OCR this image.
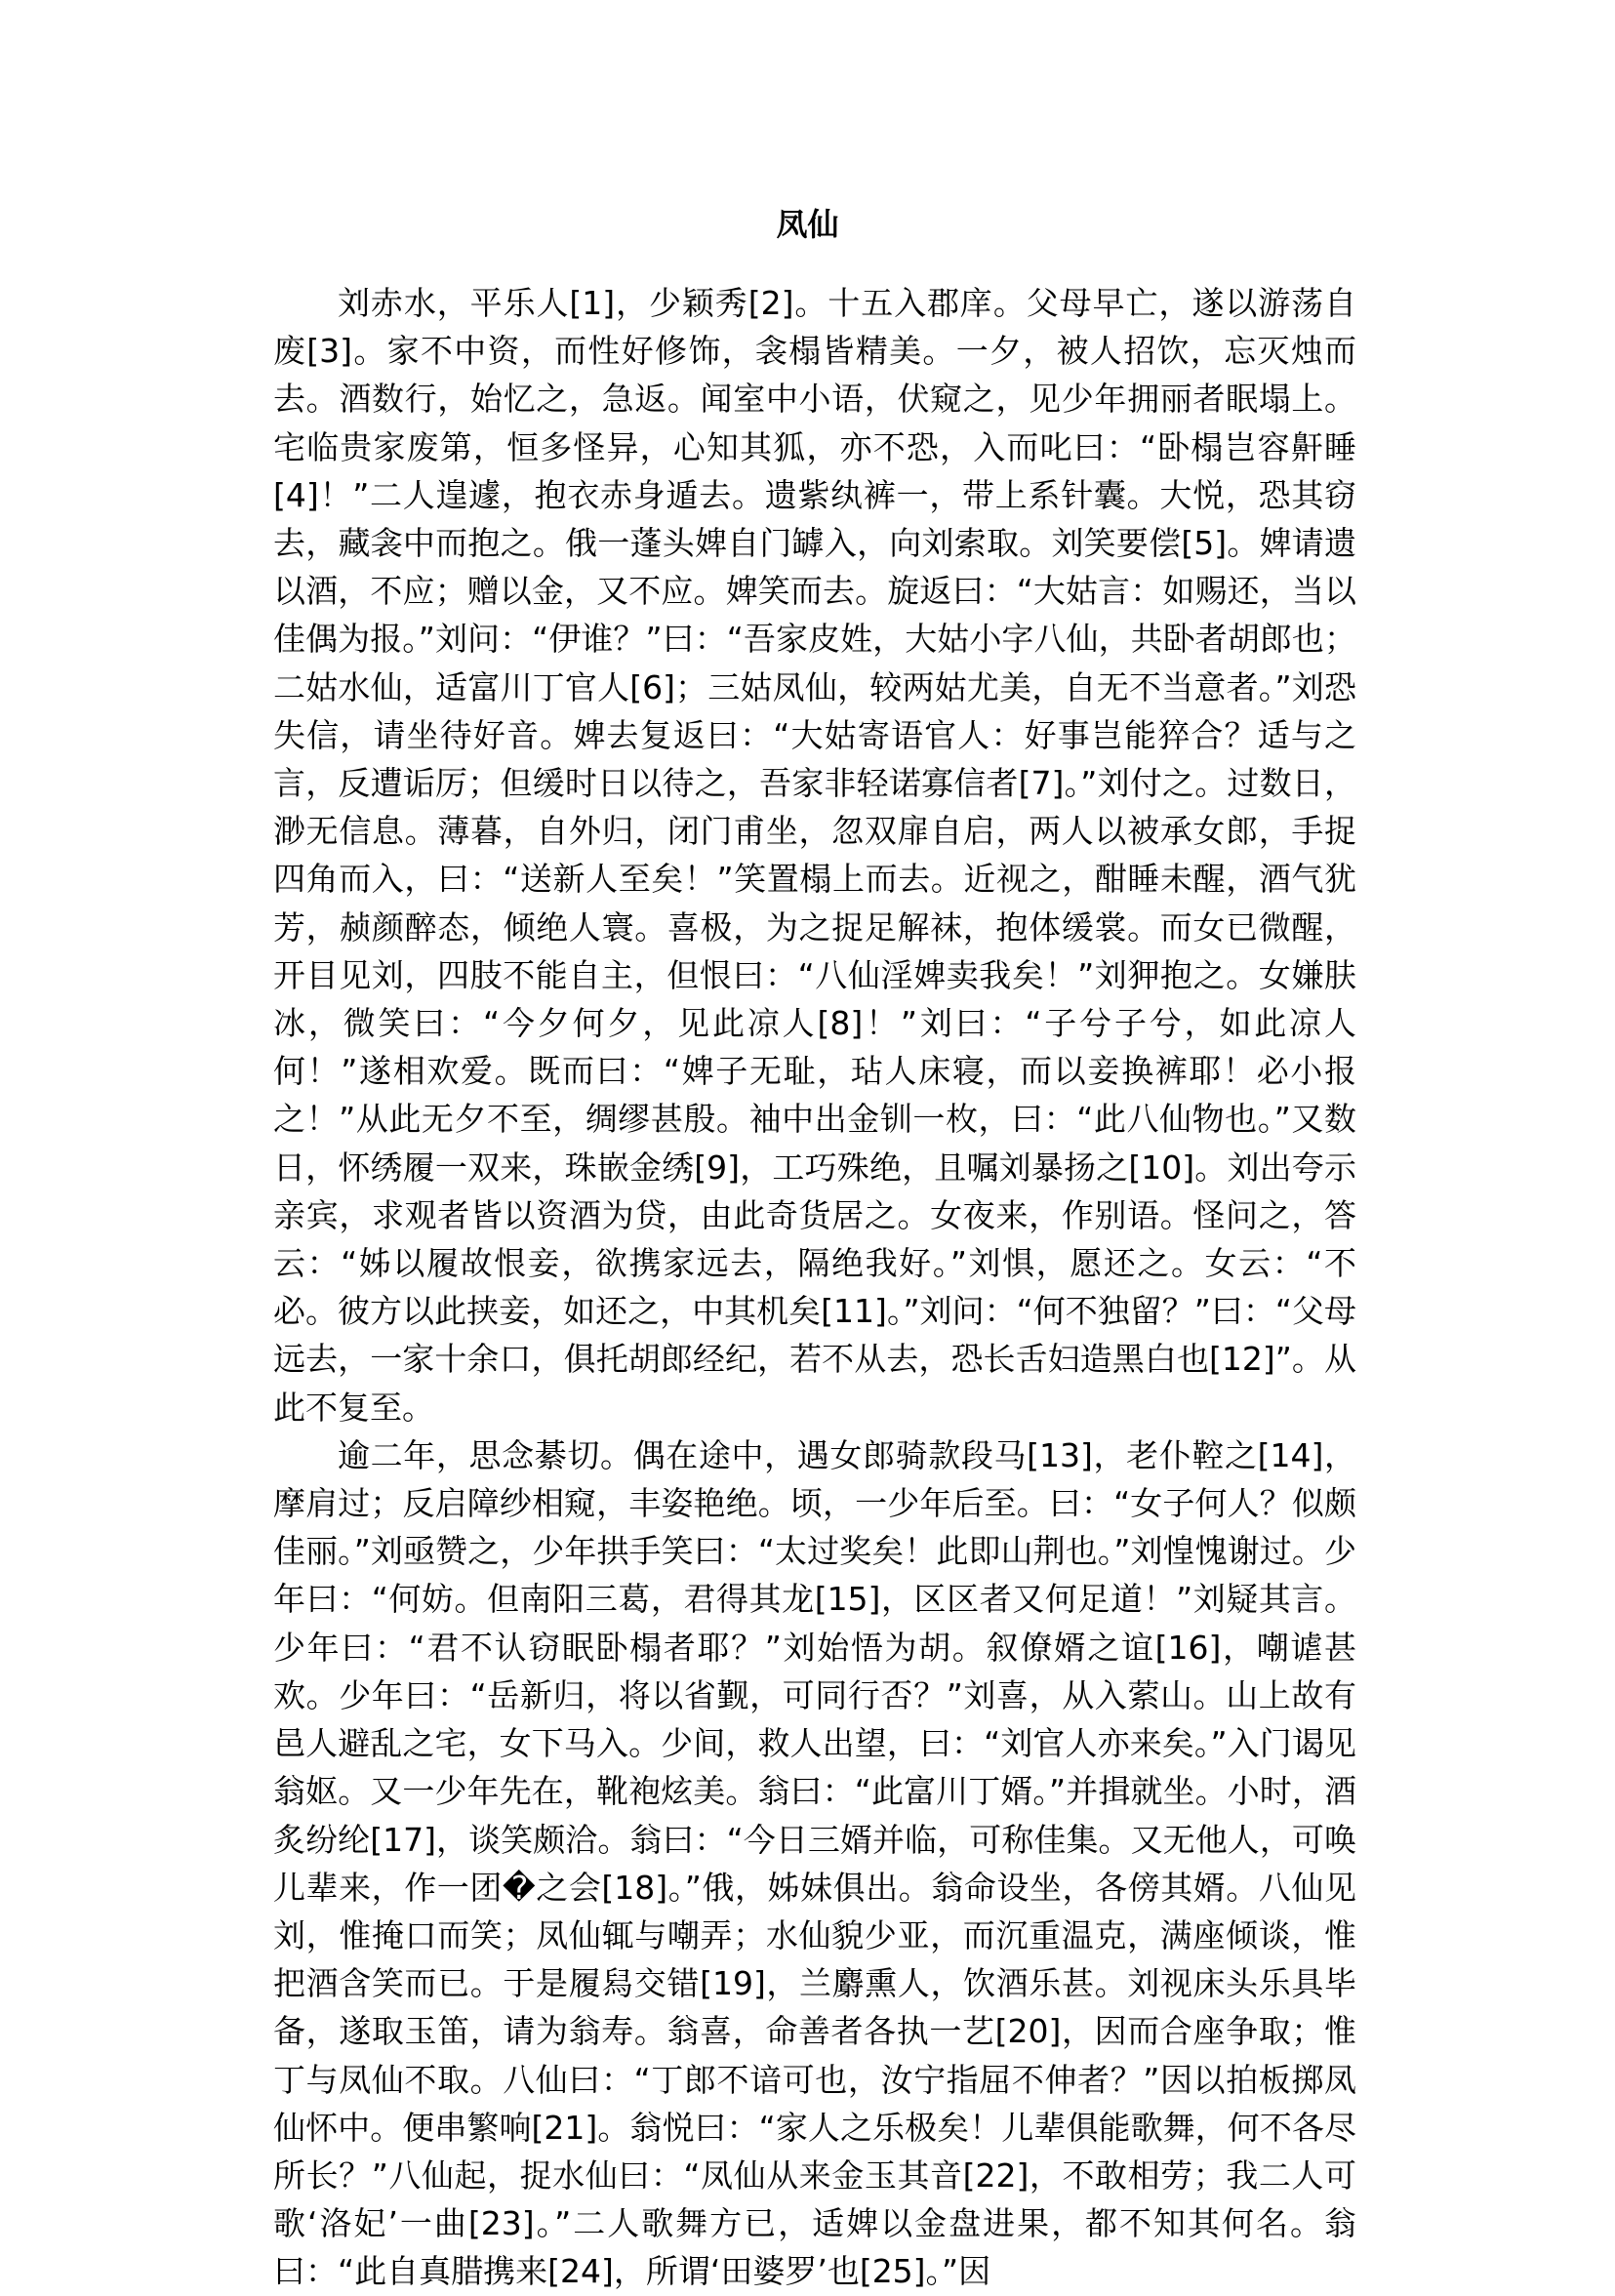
凤仙

刘赤水，平乐人[1]，少颖秀[2]。十五入郡庠。父母早亡，遂以游荡自废[3]。家不中资，而性好修饰，衾榻皆精美。一夕，被人招饮，忘灭烛而去。酒数行，始忆之，急返。闻室中小语，伏窥之，见少年拥丽者眠塌上。宅临贵家废第，恒多怪异，心知其狐，亦不恐，入而叱曰：“卧榻岂容鼾睡[4]！”二人遑遽，抱衣赤身遁去。遗紫纨裤一，带上系针囊。大悦，恐其窃去，藏衾中而抱之。俄一蓬头婢自门罅入，向刘索取。刘笑要偿[5]。婢请遗以酒，不应；赠以金，又不应。婢笑而去。旋返曰：“大姑言：如赐还，当以佳偶为报。”刘问：“伊谁？”曰：“吾家皮姓，大姑小字八仙，共卧者胡郎也；二姑水仙，适富川丁官人[6]；三姑凤仙，较两姑尤美，自无不当意者。”刘恐失信，请坐待好音。婢去复返曰：“大姑寄语官人：好事岂能猝合？适与之言，反遭诟厉；但缓时日以待之，吾家非轻诺寡信者[7]。”刘付之。过数日，渺无信息。薄暮，自外归，闭门甫坐，忽双扉自启，两人以被承女郎，手捉四角而入，曰：“送新人至矣！”笑置榻上而去。近视之，酣睡未醒，酒气犹芳，赪颜醉态，倾绝人寰。喜极，为之捉足解袜，抱体缓裳。而女已微醒，开目见刘，四肢不能自主，但恨曰：“八仙淫婢卖我矣！”刘狎抱之。女嫌肤冰，微笑曰：“今夕何夕，见此凉人[8]！”刘曰：“子兮子兮，如此凉人何！”遂相欢爱。既而曰：“婢子无耻，玷人床寝，而以妾换裤耶！必小报之！”从此无夕不至，绸缪甚殷。袖中出金钏一枚，曰：“此八仙物也。”又数日，怀绣履一双来，珠嵌金绣[9]，工巧殊绝，且嘱刘暴扬之[10]。刘出夸示亲宾，求观者皆以资酒为贷，由此奇货居之。女夜来，作别语。怪问之，答云：“姊以履故恨妾，欲携家远去，隔绝我好。”刘惧，愿还之。女云：“不必。彼方以此挟妾，如还之，中其机矣[11]。”刘问：“何不独留？”曰：“父母远去，一家十余口，俱托胡郎经纪，若不从去，恐长舌妇造黑白也[12]”。从此不复至。

逾二年，思念綦切。偶在途中，遇女郎骑款段马[13]，老仆鞚之[14]，摩肩过；反启障纱相窥，丰姿艳绝。顷，一少年后至。曰：“女子何人？似颇佳丽。”刘亟赞之，少年拱手笑曰：“太过奖矣！此即山荆也。”刘惶愧谢过。少年曰：“何妨。但南阳三葛，君得其龙[15]，区区者又何足道！”刘疑其言。少年曰：“君不认窃眠卧榻者耶？”刘始悟为胡。叙僚婿之谊[16]，嘲谑甚欢。少年曰：“岳新归，将以省觐，可同行否？”刘喜，从入萦山。山上故有邑人避乱之宅，女下马入。少间，救人出望，曰：“刘官人亦来矣。”入门谒见翁妪。又一少年先在，靴袍炫美。翁曰：“此富川丁婿。”并揖就坐。小时，酒炙纷纶[17]，谈笑颇洽。翁曰：“今日三婿并临，可称佳集。又无他人，可唤儿辈来，作一团�之会[18]。”俄，姊妹俱出。翁命设坐，各傍其婿。八仙见刘，惟掩口而笑；凤仙辄与嘲弄；水仙貌少亚，而沉重温克，满座倾谈，惟把酒含笑而已。于是履舄交错[19]，兰麝熏人，饮酒乐甚。刘视床头乐具毕备，遂取玉笛，请为翁寿。翁喜，命善者各执一艺[20]，因而合座争取；惟丁与凤仙不取。八仙曰：“丁郎不谙可也，汝宁指屈不伸者？”因以拍板掷凤仙怀中。便串繁响[21]。翁悦曰：“家人之乐极矣！儿辈俱能歌舞，何不各尽所长？”八仙起，捉水仙曰：“凤仙从来金玉其音[22]，不敢相劳；我二人可歌‘洛妃’一曲[23]。”二人歌舞方已，适婢以金盘进果，都不知其何名。翁曰：“此自真腊携来[24]，所谓‘田婆罗’也[25]。”因
